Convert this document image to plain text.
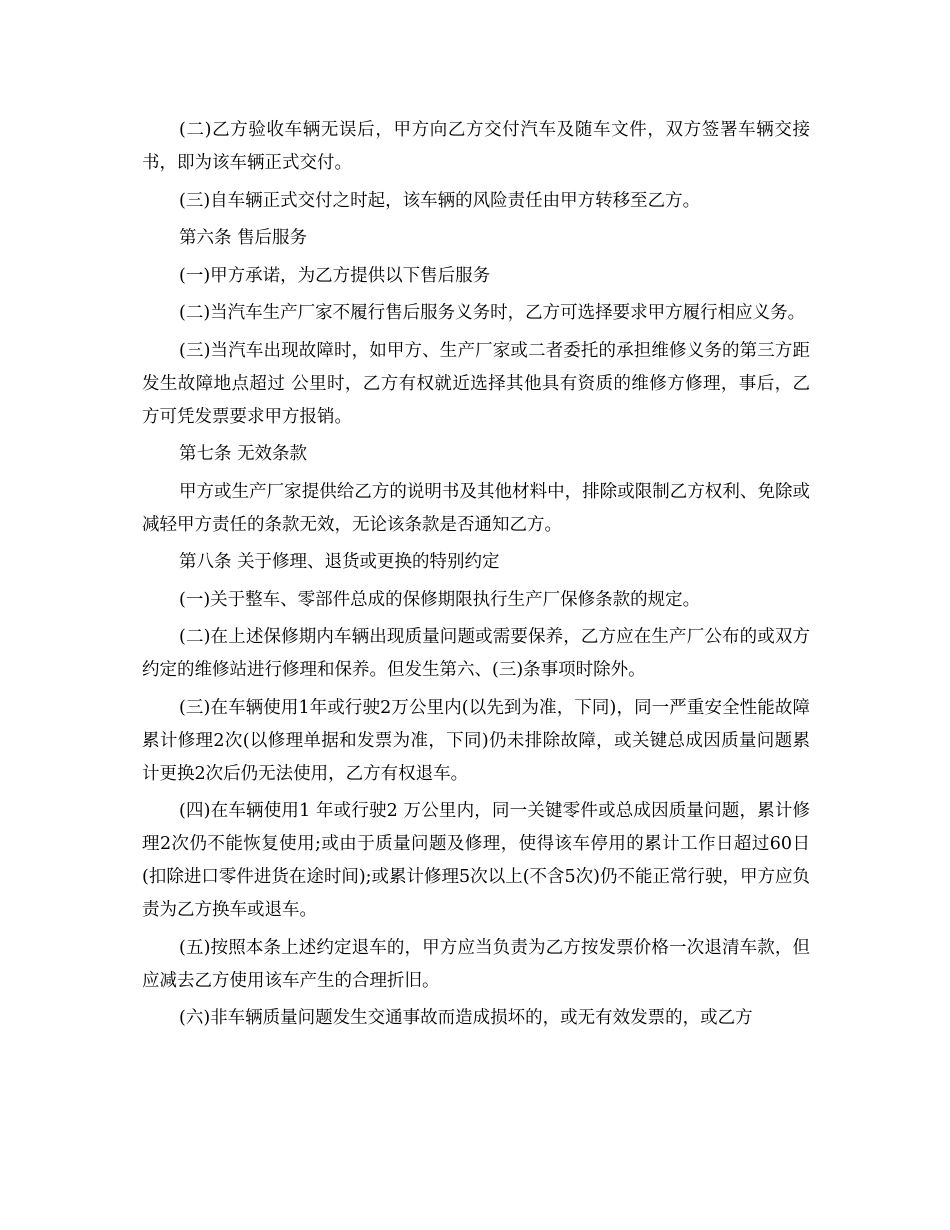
(二)乙方验收车辆无误后，甲方向乙方交付汽车及随车文件，双方签署车辆交接书，即为该车辆正式交付。

(三)自车辆正式交付之时起，该车辆的风险责任由甲方转移至乙方。

第六条 售后服务

(一)甲方承诺，为乙方提供以下售后服务

(二)当汽车生产厂家不履行售后服务义务时，乙方可选择要求甲方履行相应义务。

(三)当汽车出现故障时，如甲方、生产厂家或二者委托的承担维修义务的第三方距发生故障地点超过 公里时，乙方有权就近选择其他具有资质的维修方修理，事后，乙方可凭发票要求甲方报销。

第七条 无效条款

甲方或生产厂家提供给乙方的说明书及其他材料中，排除或限制乙方权利、免除或减轻甲方责任的条款无效，无论该条款是否通知乙方。

第八条 关于修理、退货或更换的特别约定

(一)关于整车、零部件总成的保修期限执行生产厂保修条款的规定。

(二)在上述保修期内车辆出现质量问题或需要保养，乙方应在生产厂公布的或双方约定的维修站进行修理和保养。但发生第六、(三)条事项时除外。

(三)在车辆使用1年或行驶2万公里内(以先到为准，下同)，同一严重安全性能故障累计修理2次(以修理单据和发票为准，下同)仍未排除故障，或关键总成因质量问题累计更换2次后仍无法使用，乙方有权退车。

(四)在车辆使用1 年或行驶2 万公里内，同一关键零件或总成因质量问题，累计修理2次仍不能恢复使用;或由于质量问题及修理，使得该车停用的累计工作日超过60日(扣除进口零件进货在途时间);或累计修理5次以上(不含5次)仍不能正常行驶，甲方应负责为乙方换车或退车。

(五)按照本条上述约定退车的，甲方应当负责为乙方按发票价格一次退清车款，但应减去乙方使用该车产生的合理折旧。

(六)非车辆质量问题发生交通事故而造成损坏的，或无有效发票的，或乙方
